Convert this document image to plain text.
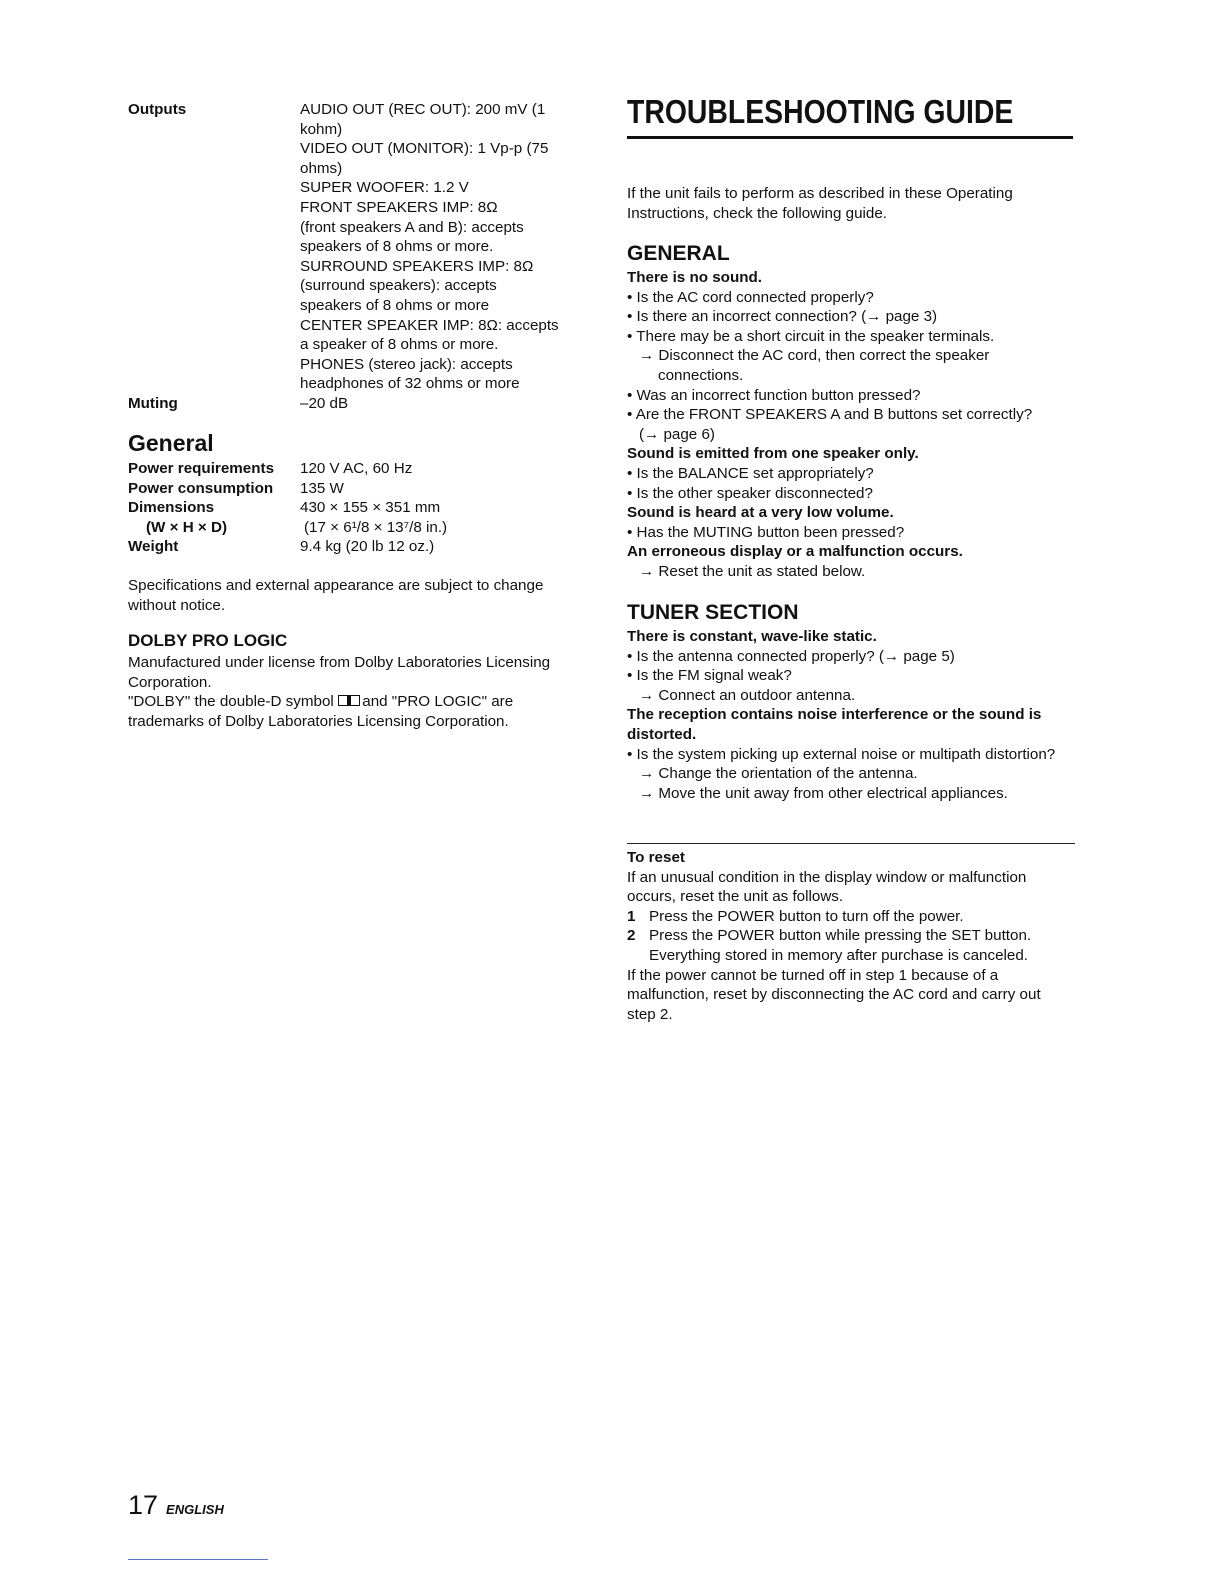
Outputs	AUDIO OUT (REC OUT): 200 mV (1
kohm)
VIDEO OUT (MONITOR): 1 Vp-p (75
ohms)
SUPER WOOFER: 1.2 V
FRONT SPEAKERS IMP: 8Ω
(front speakers A and B): accepts
speakers of 8 ohms or more.
SURROUND SPEAKERS IMP: 8Ω
(surround speakers): accepts
speakers of 8 ohms or more
CENTER SPEAKER IMP: 8Ω: accepts
a speaker of 8 ohms or more.
PHONES (stereo jack): accepts
headphones of 32 ohms or more
Muting	–20 dB
General
Power requirements 120 V AC, 60 Hz
Power consumption 135 W
Dimensions	430 × 155 × 351 mm
(W × H × D)	(17 × 6¹/8 × 13⁷/8 in.)
Weight	9.4 kg (20 lb 12 oz.)
Specifications and external appearance are subject to change
without notice.
DOLBY PRO LOGIC
Manufactured under license from Dolby Laboratories Licensing
Corporation.
"DOLBY" the double-D symbol and "PRO LOGIC" are
trademarks of Dolby Laboratories Licensing Corporation.
TROUBLESHOOTING GUIDE
If the unit fails to perform as described in these Operating
Instructions, check the following guide.
GENERAL
There is no sound.
• Is the AC cord connected properly?
• Is there an incorrect connection? (→ page 3)
• There may be a short circuit in the speaker terminals.
→ Disconnect the AC cord, then correct the speaker
connections.
• Was an incorrect function button pressed?
• Are the FRONT SPEAKERS A and B buttons set correctly?
(→ page 6)
Sound is emitted from one speaker only.
• Is the BALANCE set appropriately?
• Is the other speaker disconnected?
Sound is heard at a very low volume.
• Has the MUTING button been pressed?
An erroneous display or a malfunction occurs.
→ Reset the unit as stated below.
TUNER SECTION
There is constant, wave-like static.
• Is the antenna connected properly? (→ page 5)
• Is the FM signal weak?
→ Connect an outdoor antenna.
The reception contains noise interference or the sound is
distorted.
• Is the system picking up external noise or multipath distortion?
→ Change the orientation of the antenna.
→ Move the unit away from other electrical appliances.
To reset
If an unusual condition in the display window or malfunction
occurs, reset the unit as follows.
1 Press the POWER button to turn off the power.
2 Press the POWER button while pressing the SET button.
Everything stored in memory after purchase is canceled.
If the power cannot be turned off in step 1 because of a
malfunction, reset by disconnecting the AC cord and carry out
step 2.
17 ENGLISH
